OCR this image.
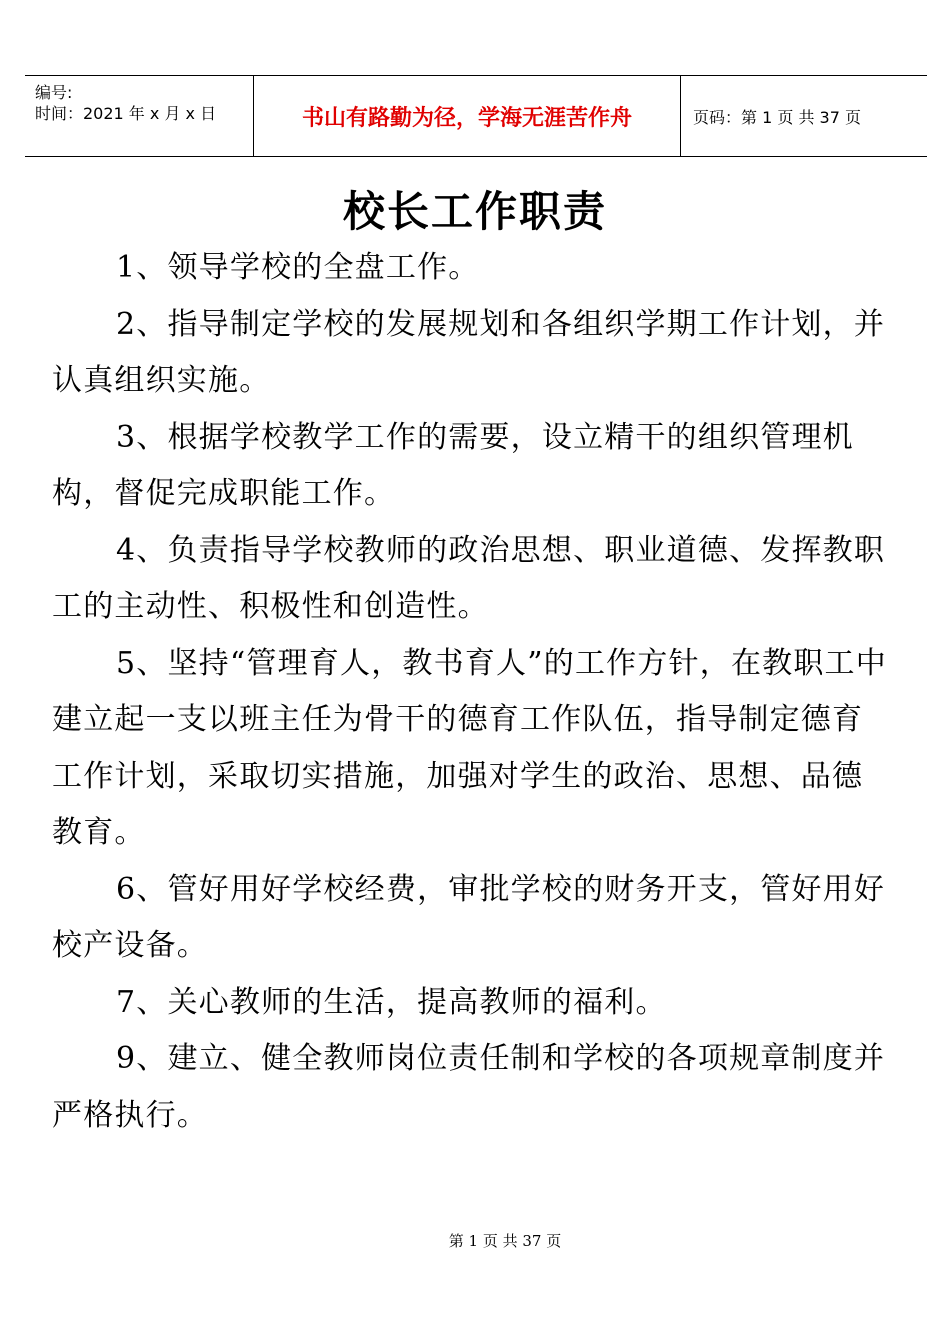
编号:
时间：2021 年 x 月 x 日	书山有路勤为径，学海无涯苦作舟	页码：第 1 页 共 37 页
校长工作职责

1、领导学校的全盘工作。

2、指导制定学校的发展规划和各组织学期工作计划，并认真组织实施。

3、根据学校教学工作的需要，设立精干的组织管理机构，督促完成职能工作。

4、负责指导学校教师的政治思想、职业道德、发挥教职工的主动性、积极性和创造性。

5、坚持“管理育人，教书育人”的工作方针，在教职工中建立起一支以班主任为骨干的德育工作队伍，指导制定德育工作计划，采取切实措施，加强对学生的政治、思想、品德教育。

6、管好用好学校经费，审批学校的财务开支，管好用好校产设备。

7、关心教师的生活，提高教师的福利。

9、建立、健全教师岗位责任制和学校的各项规章制度并严格执行。

第 1 页 共 37 页
